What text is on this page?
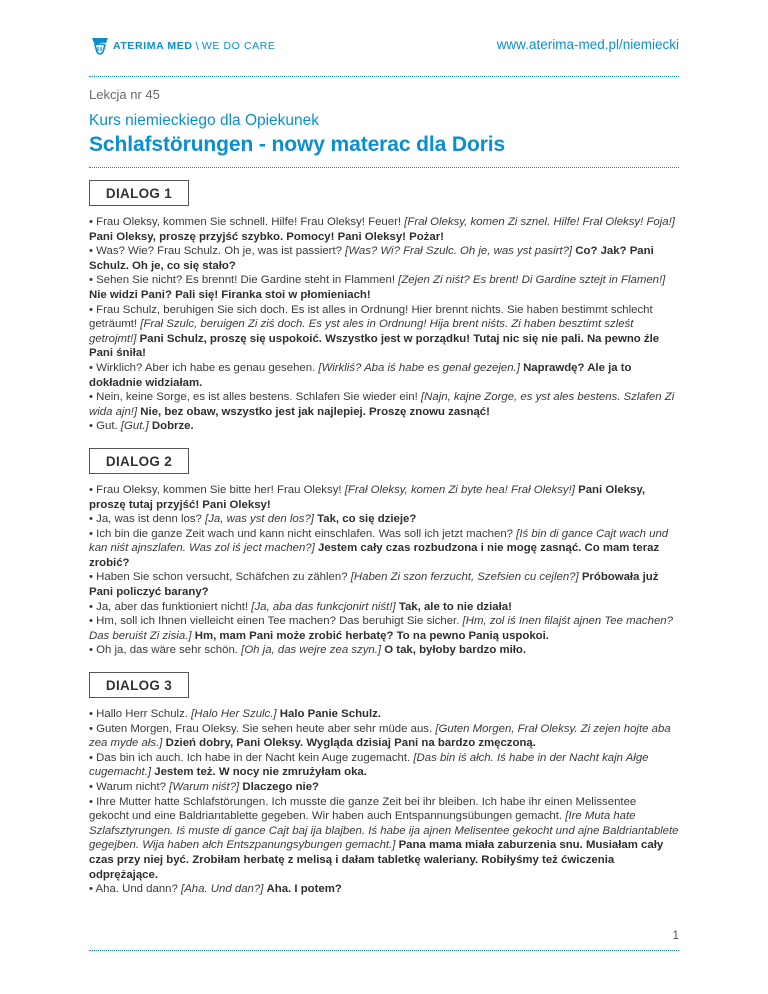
ATERIMA MED \ WE DO CARE	www.aterima-med.pl/niemiecki
Lekcja nr 45
Kurs niemieckiego dla Opiekunek
Schlafstörungen - nowy materac dla Doris
DIALOG 1
• Frau Oleksy, kommen Sie schnell. Hilfe! Frau Oleksy! Feuer! [Frał Oleksy, komen Zi sznel. Hilfe! Frał Oleksy! Foja!] Pani Oleksy, proszę przyjść szybko. Pomocy! Pani Oleksy! Pożar!
• Was? Wie? Frau Schulz. Oh je, was ist passiert? [Was? Wi? Frał Szulc. Oh je, was yst pasirt?] Co? Jak? Pani Schulz. Oh je, co się stało?
• Sehen Sie nicht? Es brennt! Die Gardine steht in Flammen! [Zejen Zi niśt? Es brent! Di Gardine sztejt in Flamen!] Nie widzi Pani? Pali się! Firanka stoi w płomieniach!
• Frau Schulz, beruhigen Sie sich doch. Es ist alles in Ordnung! Hier brennt nichts. Sie haben bestimmt schlecht geträumt! [Frał Szulc, beruigen Zi ziś doch. Es yst ales in Ordnung! Hija brent niśts. Zi haben besztimt szleśt getrojmt!] Pani Schulz, proszę się uspokoić. Wszystko jest w porządku! Tutaj nic się nie pali. Na pewno źle Pani śniła!
• Wirklich? Aber ich habe es genau gesehen. [Wirkliś? Aba iś habe es genał gezejen.] Naprawdę? Ale ja to dokładnie widziałam.
• Nein, keine Sorge, es ist alles bestens. Schlafen Sie wieder ein! [Najn, kajne Zorge, es yst ales bestens. Szlafen Zi wida ajn!] Nie, bez obaw, wszystko jest jak najlepiej. Proszę znowu zasnąć!
• Gut. [Gut.] Dobrze.
DIALOG 2
• Frau Oleksy, kommen Sie bitte her! Frau Oleksy! [Frał Oleksy, komen Zi byte hea! Frał Oleksy!] Pani Oleksy, proszę tutaj przyjść! Pani Oleksy!
• Ja, was ist denn los? [Ja, was yst den los?] Tak, co się dzieje?
• Ich bin die ganze Zeit wach und kann nicht einschlafen. Was soll ich jetzt machen? [Iś bin di gance Cajt wach und kan niśt ajnszlafen. Was zol iś ject machen?] Jestem cały czas rozbudzona i nie mogę zasnąć. Co mam teraz zrobić?
• Haben Sie schon versucht, Schäfchen zu zählen? [Haben Zi szon ferzucht, Szefsien cu cejlen?] Próbowała już Pani policzyć barany?
• Ja, aber das funktioniert nicht! [Ja, aba das funkcjonirt niśt!] Tak, ale to nie działa!
• Hm, soll ich Ihnen vielleicht einen Tee machen? Das beruhigt Sie sicher. [Hm, zol iś Inen filajśt ajnen Tee machen? Das beruiśt Zi zisia.] Hm, mam Pani może zrobić herbatę? To na pewno Panią uspokoi.
• Oh ja, das wäre sehr schön. [Oh ja, das wejre zea szyn.] O tak, byłoby bardzo miło.
DIALOG 3
• Hallo Herr Schulz. [Halo Her Szulc.] Halo Panie Schulz.
• Guten Morgen, Frau Oleksy. Sie sehen heute aber sehr müde aus. [Guten Morgen, Frał Oleksy. Zi zejen hojte aba zea myde ałs.] Dzień dobry, Pani Oleksy. Wygląda dzisiaj Pani na bardzo zmęczoną.
• Das bin ich auch. Ich habe in der Nacht kein Auge zugemacht. [Das bin iś ałch. Iś habe in der Nacht kajn Ałge cugemacht.] Jestem też. W nocy nie zmrużyłam oka.
• Warum nicht? [Warum niśt?] Dlaczego nie?
• Ihre Mutter hatte Schlafstörungen. Ich musste die ganze Zeit bei ihr bleiben. Ich habe ihr einen Melissentee gekocht und eine Baldriantablette gegeben. Wir haben auch Entspannungsübungen gemacht. [Ire Muta hate Szlafsztyrungen. Iś muste di gance Cajt baj ija blajben. Iś habe ija ajnen Melisentee gekocht und ajne Baldriantablete gegejben. Wija haben ałch Entszpanungsybungen gemacht.] Pana mama miała zaburzenia snu. Musiałam cały czas przy niej być. Zrobiłam herbatę z melisą i dałam tabletkę waleriany. Robiłyśmy też ćwiczenia odprężające.
• Aha. Und dann? [Aha. Und dan?] Aha. I potem?
1
